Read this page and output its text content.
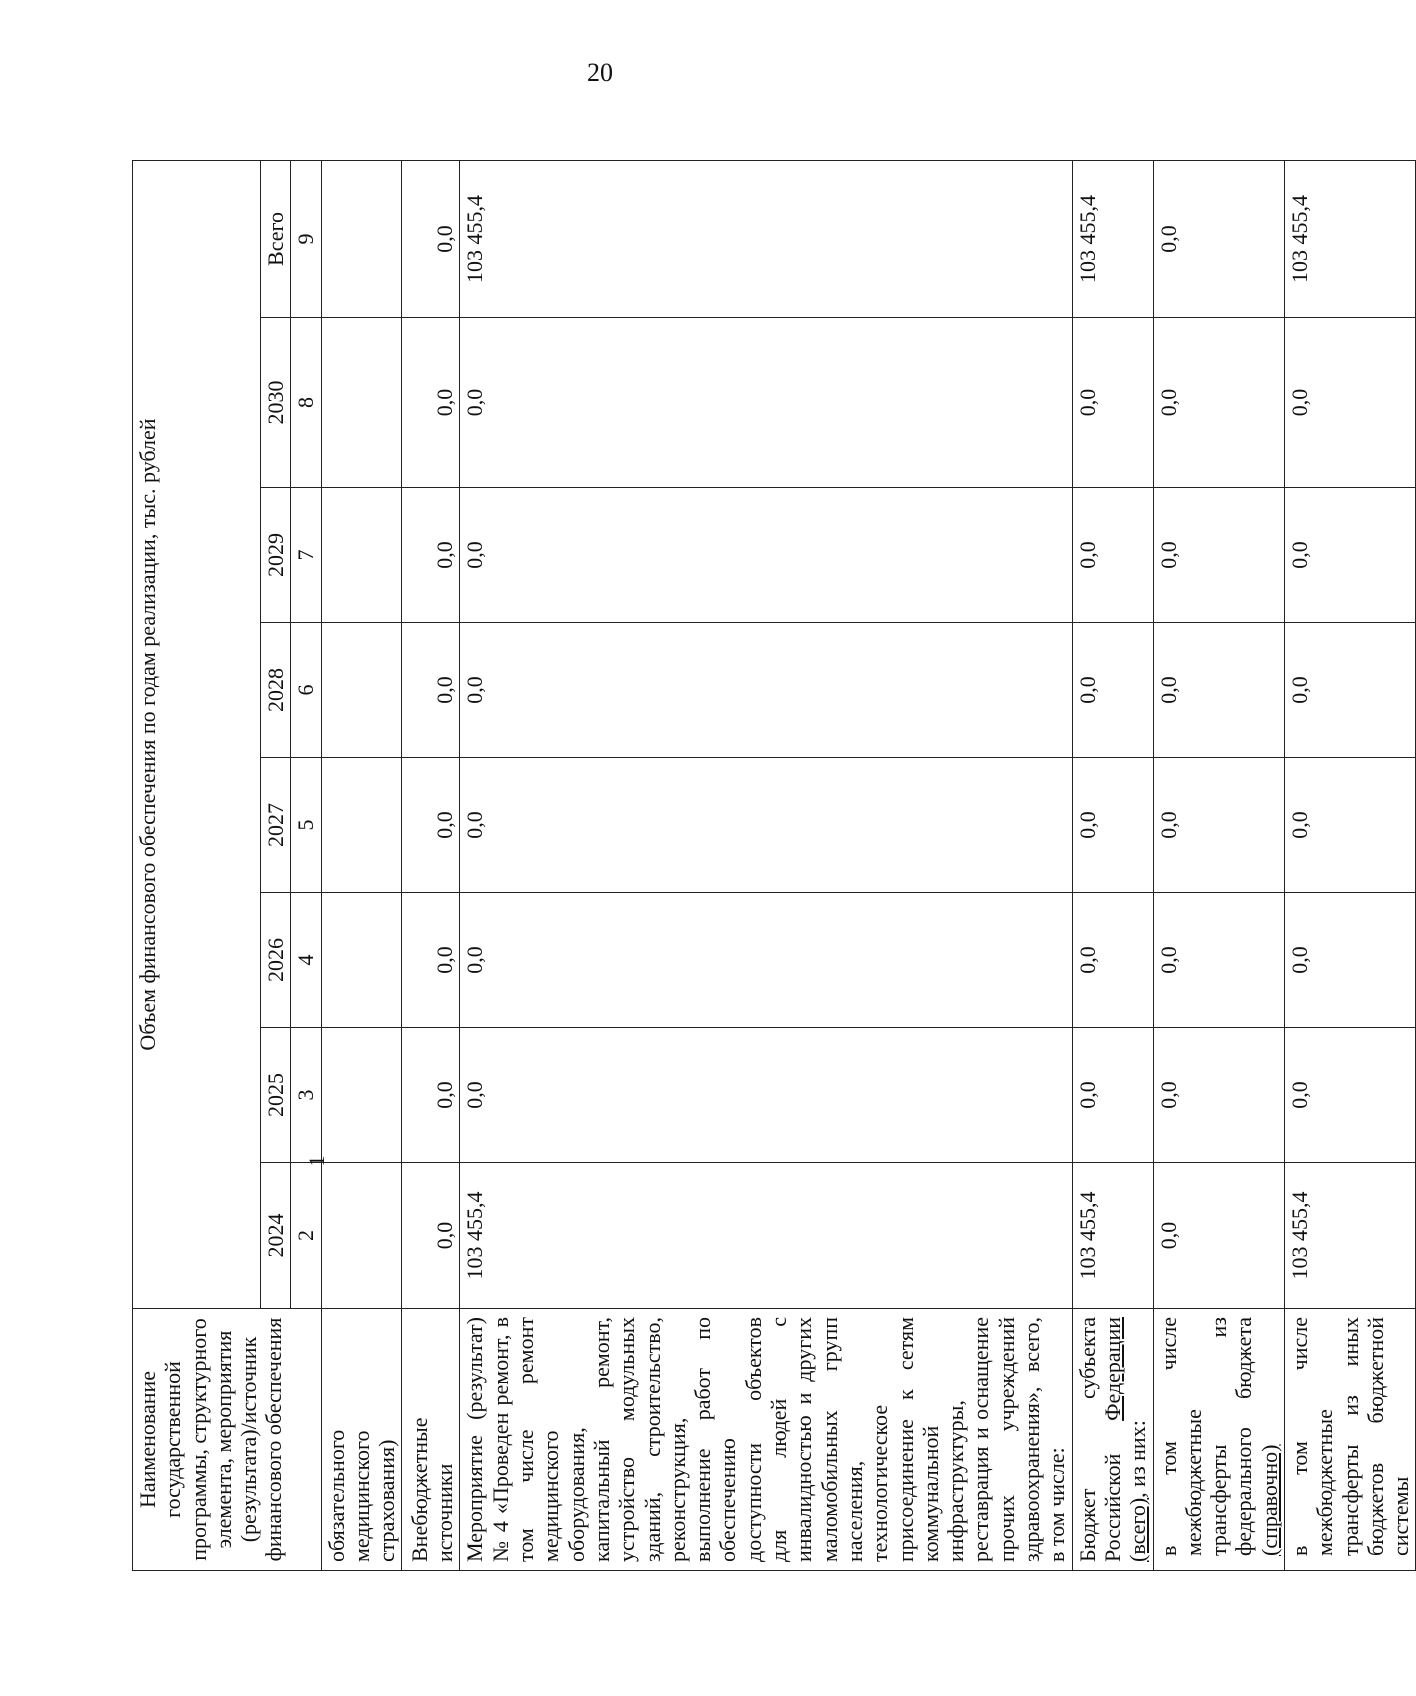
20
Наименование государственной программы, структурного элемента, мероприятия (результата)/источник финансового обеспечения	Объем финансового обеспечения по годам реализации, тыс. рублей							
	2024	2025	2026	2027	2028	2029	2030	Всего
	2	3	4	5	6	7	8	9

обязательного медицинского страхования)								
Внебюджетные источники	0,0	0,0	0,0	0,0	0,0	0,0	0,0	0,0
Мероприятие (результат) № 4 «Проведен ремонт, в том числе ремонт медицинского оборудования, капитальный ремонт, устройство модульных зданий, строительство, реконструкция, выполнение работ по обеспечению доступности объектов для людей с инвалидностью и других маломобильных групп населения, технологическое присоединение к сетям коммунальной инфраструктуры, реставрация и оснащение прочих учреждений здравоохранения», всего, в том числе:	103 455,4	0,0	0,0	0,0	0,0	0,0	0,0	103 455,4
Бюджет субъекта Российской Федерации (всего), из них:	103 455,4	0,0	0,0	0,0	0,0	0,0	0,0	103 455,4
в том числе межбюджетные трансферты из федерального бюджета (справочно)	0,0	0,0	0,0	0,0	0,0	0,0	0,0	0,0
в том числе межбюджетные трансферты из иных бюджетов бюджетной системы	103 455,4	0,0	0,0	0,0	0,0	0,0	0,0	103 455,4
1
